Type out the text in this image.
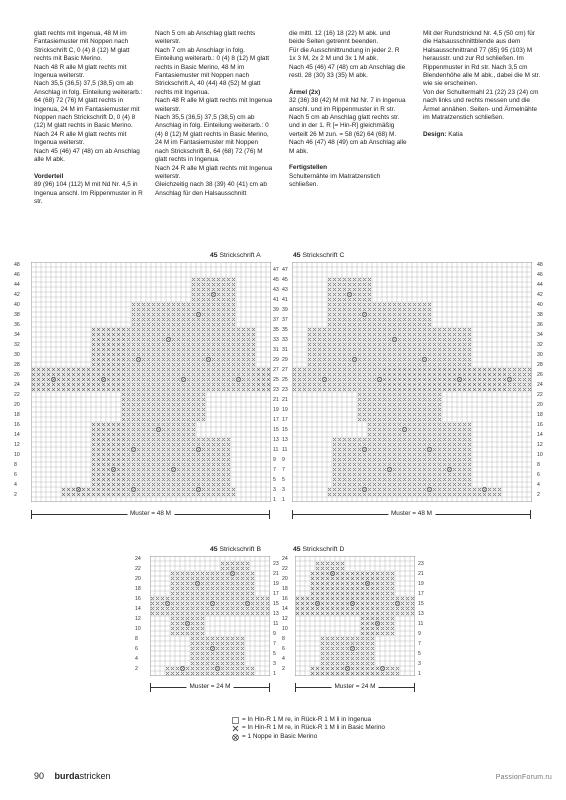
glatt rechts mit Ingenua, 48 M im Fantasiemuster mit Noppen nach Strickschrift C, 0 (4) 8 (12) M glatt rechts mit Basic Merino.

Nach 48 R alle M glatt rechts mit Ingenua weiterstr.

Nach 35,5 (36,5) 37,5 (38,5) cm ab Anschlag in folg. Einteilung weiterarb.: 64 (68) 72 (76) M glatt rechts in Ingenua, 24 M im Fantasiemuster mit Noppen nach Strickschrift D, 0 (4) 8 (12) M glatt rechts in Basic Merino. Nach 24 R alle M glatt rechts mit Ingenua weiterstr.

Nach 45 (46) 47 (48) cm ab Anschlag alle M abk.

Vorderteil

89 (96) 104 (112) M mit Nd Nr. 4,5 in Ingenua anschl. Im Rippenmuster in R str.

Nach 5 cm ab Anschlag glatt rechts weiterstr.

Nach 7 cm ab Anschlagr in folg. Einteilung weiterarb.: 0 (4) 8 (12) M glatt rechts in Basic Merino, 48 M im Fantasiemuster mit Noppen nach Strickschrift A, 40 (44) 48 (52) M glatt rechts mit Ingenua.

Nach 48 R alle M glatt rechts mit Ingenua weiterstr.

Nach 35,5 (36,5) 37,5 (38,5) cm ab Anschlag in folg. Einteilung weiterarb.: 0 (4) 8 (12) M glatt rechts in Basic Merino, 24 M im Fantasiemuster mit Noppen nach Strickschrift B, 64 (68) 72 (76) M glatt rechts in Ingenua.

Nach 24 R alle M glatt rechts mit Ingenua weiterstr.

Gleichzeitig nach 38 (39) 40 (41) cm ab Anschlag für den Halsausschnitt

die mittl. 12 (16) 18 (22) M abk. und beide Seiten getrennt beenden.

Für die Ausschnittrundung in jeder 2. R 1x 3 M, 2x 2 M und 3x 1 M abk.

Nach 45 (46) 47 (48) cm ab Anschlag die restl. 28 (30) 33 (35) M abk.

Ärmel (2x)

32 (36) 38 (42) M mit Nd Nr. 7 in Ingenua anschl. und im Rippenmuster in R str.

Nach 5 cm ab Anschlag glatt rechts str. und in der 1. R [= Hin-R] gleichmäßig verteilt 26 M zun. = 58 (62) 64 (68) M.

Nach 46 (47) 48 (49) cm ab Anschlag alle M abk.

Fertigstellen

Schulternähte im Matratzenstich schließen.

Mit der Rundstricknd Nr. 4,5 (50 cm) für die Halsausschnittblende aus dem Halsausschnittrand 77 (85) 95 (103) M herausstr. und zur Rd schließen. Im Rippenmuster in Rd str. Nach 3,5 cm Blendenhöhe alle M abk., dabei die M str. wie sie erscheinen.

Von der Schultermahl 21 (22) 23 (24) cm nach links und rechts messen und die Ärmel annähen. Seiten- und Ärmelnähte im Matratzenstich schließen.

Design: Katia

45 Strickschrift A
48
46
44
42
40
38
36
34
32
30
28
26
24
22
20
18
16
14
12
10
8
6
4
2
47
45
43
41
39
37
35
33
31
29
27
25
23
21
19
17
15
13
11
9
7
5
3
1
Muster = 48 M
45 Strickschrift C
47
45
43
41
39
37
35
33
31
29
27
25
23
21
19
17
15
13
11
9
7
5
3
1
48
46
44
42
40
38
36
34
32
30
28
26
24
22
20
18
16
14
12
10
8
6
4
2
Muster = 48 M
45 Strickschrift B
24
22
20
18
16
14
12
10
8
6
4
2
23
21
19
17
15
13
11
9
7
5
3
1
Muster = 24 M
45 Strickschrift D
24
22
20
18
16
14
12
10
8
6
4
2
23
21
19
17
15
13
11
9
7
5
3
1
Muster = 24 M
= In Hin-R 1 M re, in Rück-R 1 M li in Ingenua
= In Hin-R 1 M re, in Rück-R 1 M li in Basic Merino
= 1 Noppe in Basic Merino
90 burdastricken	PassionForum.ru
